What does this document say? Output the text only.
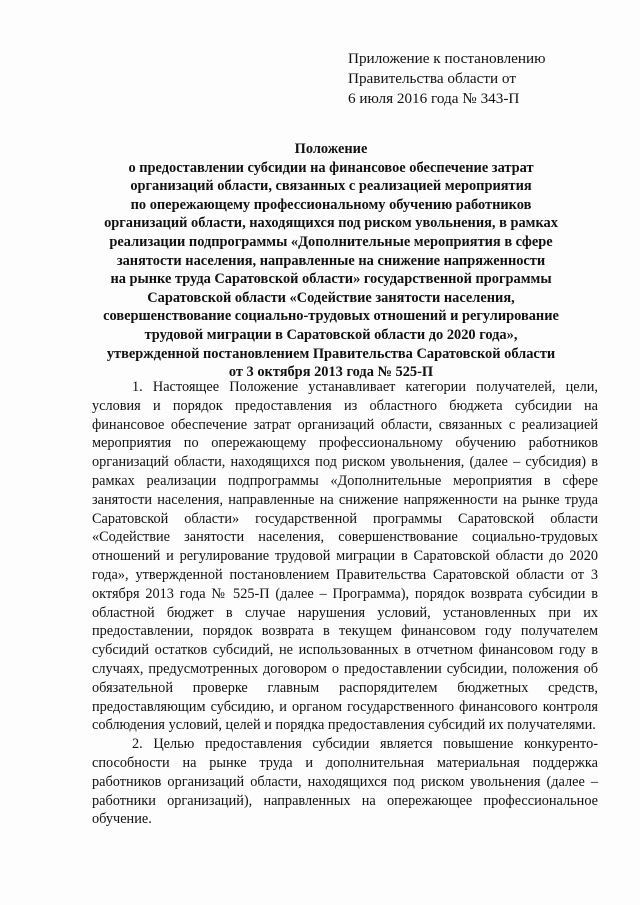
Приложение к постановлению
Правительства области от
6 июля 2016 года № 343-П
Положение
о предоставлении субсидии на финансовое обеспечение затрат
организаций области, связанных с реализацией мероприятия
по опережающему профессиональному обучению работников
организаций области, находящихся под риском увольнения, в рамках
реализации подпрограммы «Дополнительные мероприятия в сфере
занятости населения, направленные на снижение напряженности
на рынке труда Саратовской области» государственной программы
Саратовской области «Содействие занятости населения,
совершенствование социально-трудовых отношений и регулирование
трудовой миграции в Саратовской области до 2020 года»,
утвержденной постановлением Правительства Саратовской области
от 3 октября 2013 года № 525-П

1. Настоящее Положение устанавливает категории получателей, цели, условия и порядок предоставления из областного бюджета субсидии на финансовое обеспечение затрат организаций области, связанных с реализацией мероприятия по опережающему профессиональному обучению работников организаций области, находящихся под риском увольнения, (далее – субсидия) в рамках реализации подпрограммы «Дополнительные мероприятия в сфере занятости населения, направленные на снижение напряженности на рынке труда Саратовской области» государственной программы Саратовской области «Содействие занятости населения, совершенствование социально-трудовых отношений и регулирование трудовой миграции в Саратовской области до 2020 года», утвержденной постановлением Правительства Саратовской области от 3 октября 2013 года № 525-П (далее – Программа), порядок возврата субсидии в областной бюджет в случае нарушения условий, установленных при их предоставлении, порядок возврата в текущем финансовом году получателем субсидий остатков субсидий, не использованных в отчетном финансовом году в случаях, предусмотренных договором о предоставлении субсидии, положения об обязательной проверке главным распорядителем бюджетных средств, предоставляющим субсидию, и органом государственного финансового контроля соблюдения условий, целей и порядка предоставления субсидий их получателями.

2. Целью предоставления субсидии является повышение конкуренто-способности на рынке труда и дополнительная материальная поддержка работников организаций области, находящихся под риском увольнения (далее – работники организаций), направленных на опережающее профессиональное обучение.
